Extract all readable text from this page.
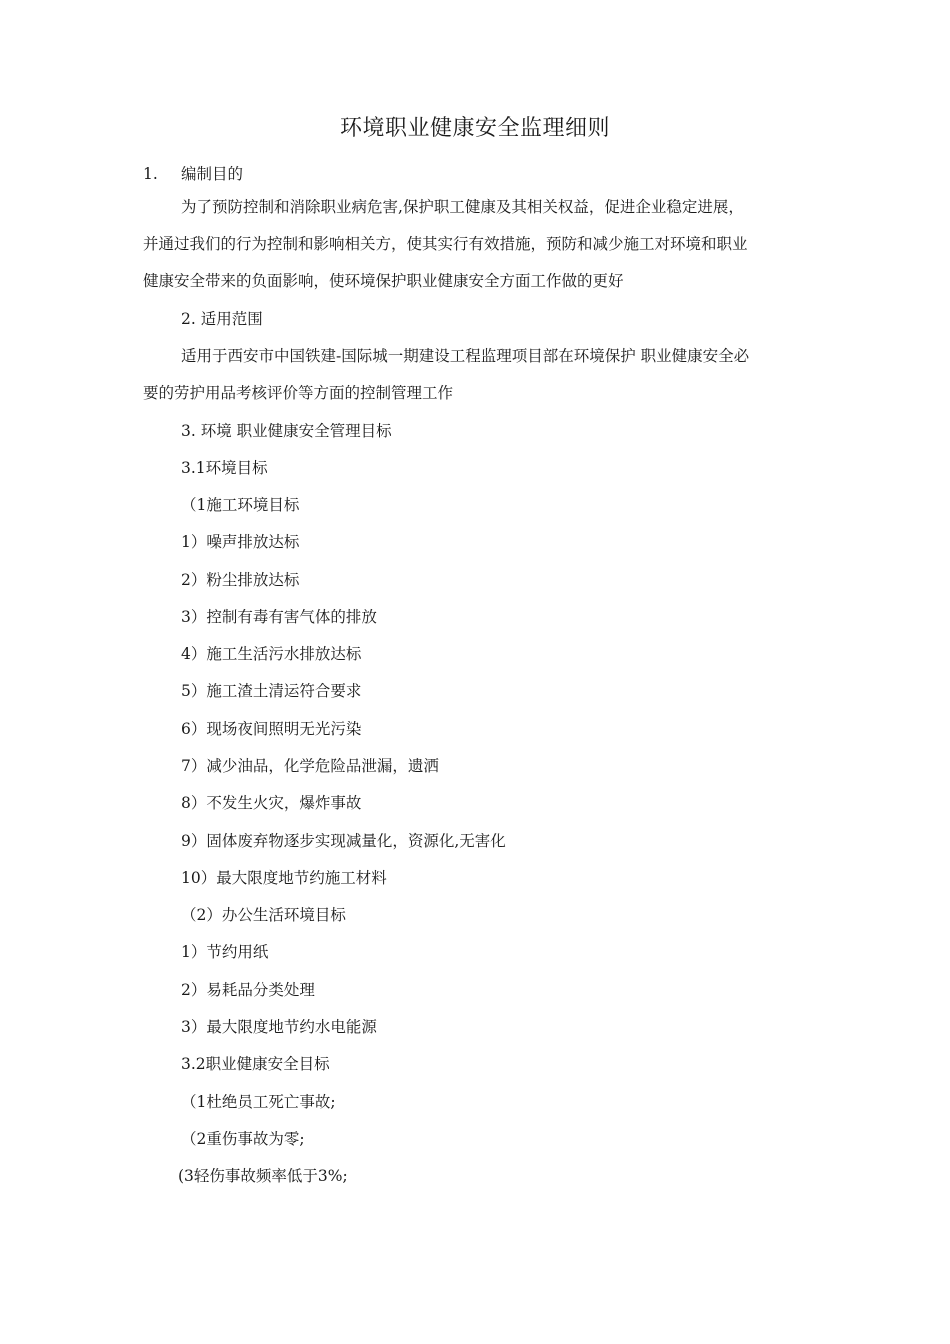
环境职业健康安全监理细则
1. 编制目的
为了预防控制和消除职业病危害,保护职工健康及其相关权益，促进企业稳定进展，
并通过我们的行为控制和影响相关方，使其实行有效措施，预防和减少施工对环境和职业
健康安全带来的负面影响，使环境保护职业健康安全方面工作做的更好
2. 适用范围
适用于西安市中国铁建-国际城一期建设工程监理项目部在环境保护 职业健康安全必
要的劳护用品考核评价等方面的控制管理工作
3. 环境 职业健康安全管理目标
3.1环境目标
（1施工环境目标
1）噪声排放达标
2）粉尘排放达标
3）控制有毒有害气体的排放
4）施工生活污水排放达标
5）施工渣土清运符合要求
6）现场夜间照明无光污染
7）减少油品，化学危险品泄漏，遗洒
8）不发生火灾，爆炸事故
9）固体废弃物逐步实现减量化，资源化,无害化
10）最大限度地节约施工材料
（2）办公生活环境目标
1）节约用纸
2）易耗品分类处理
3）最大限度地节约水电能源
3.2职业健康安全目标
（1杜绝员工死亡事故;
（2重伤事故为零;
(3轻伤事故频率低于3%;
